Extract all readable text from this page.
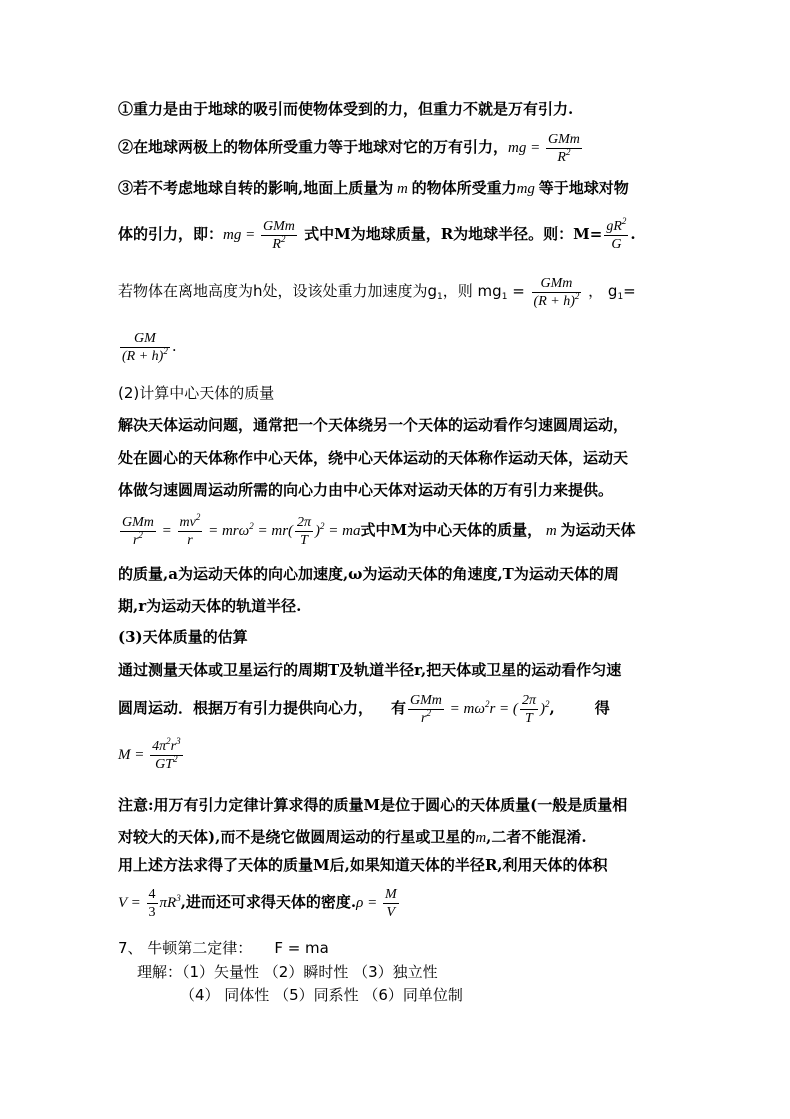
①重力是由于地球的吸引而使物体受到的力，但重力不就是万有引力.
②在地球两极上的物体所受重力等于地球对它的万有引力，mg = $\frac{\text{GMm}}{R^2}$
③若不考虑地球自转的影响,地面上质量为 m 的物体所受重力mg 等于地球对物
体的引力，即：mg = $\frac{\text{GMm}}{R^2}$ 式中M为地球质量，R为地球半径。则：$M= \frac{gR^2}{G}$ .
若物体在离地高度为h处，设该处重力加速度为$g_1$，则 $mg_1 = \frac{\text{GMm}}{(R + h)^2}$ ， $g_1=$
$\frac{GM}{(R + h)^2}$ .
(2)计算中心天体的质量
解决天体运动问题，通常把一个天体绕另一个天体的运动看作匀速圆周运动，
处在圆心的天体称作中心天体，绕中心天体运动的天体称作运动天体，运动天
体做匀速圆周运动所需的向心力由中心天体对运动天体的万有引力来提供。
$\frac{\text{GMm}}{r^2} = \frac{mv^2}{r} = mr\omega^2 = mr( \frac{2\pi}{T} )^2$ = ma式中M为中心天体的质量， m 为运动天体
的质量,a为运动天体的向心加速度,ω为运动天体的角速度,T为运动天体的周
期,r为运动天体的轨道半径.
(3)天体质量的估算
通过测量天体或卫星运行的周期T及轨道半径r,把天体或卫星的运动看作匀速
圆周运动．根据万有引力提供向心力， 有 $\frac{\text{GMm}}{r^2} = m\omega^2r$ = ( $\frac{2\pi}{T} )^2$,	得
$M = \frac{4\pi^2r^3}{GT^2}$
注意:用万有引力定律计算求得的质量M是位于圆心的天体质量(一般是质量相
对较大的天体),而不是绕它做圆周运动的行星或卫星的m,二者不能混淆.
用上述方法求得了天体的质量M后,如果知道天体的半径R,利用天体的体积
$V = \frac{4}{3} \pi R^3$,进而还可求得天体的密度$.\rho = \frac{M}{V}$
7、 牛顿第二定律： F = ma
理解：（1）矢量性 （2）瞬时性 （3）独立性
（4） 同体性 （5）同系性 （6）同单位制
